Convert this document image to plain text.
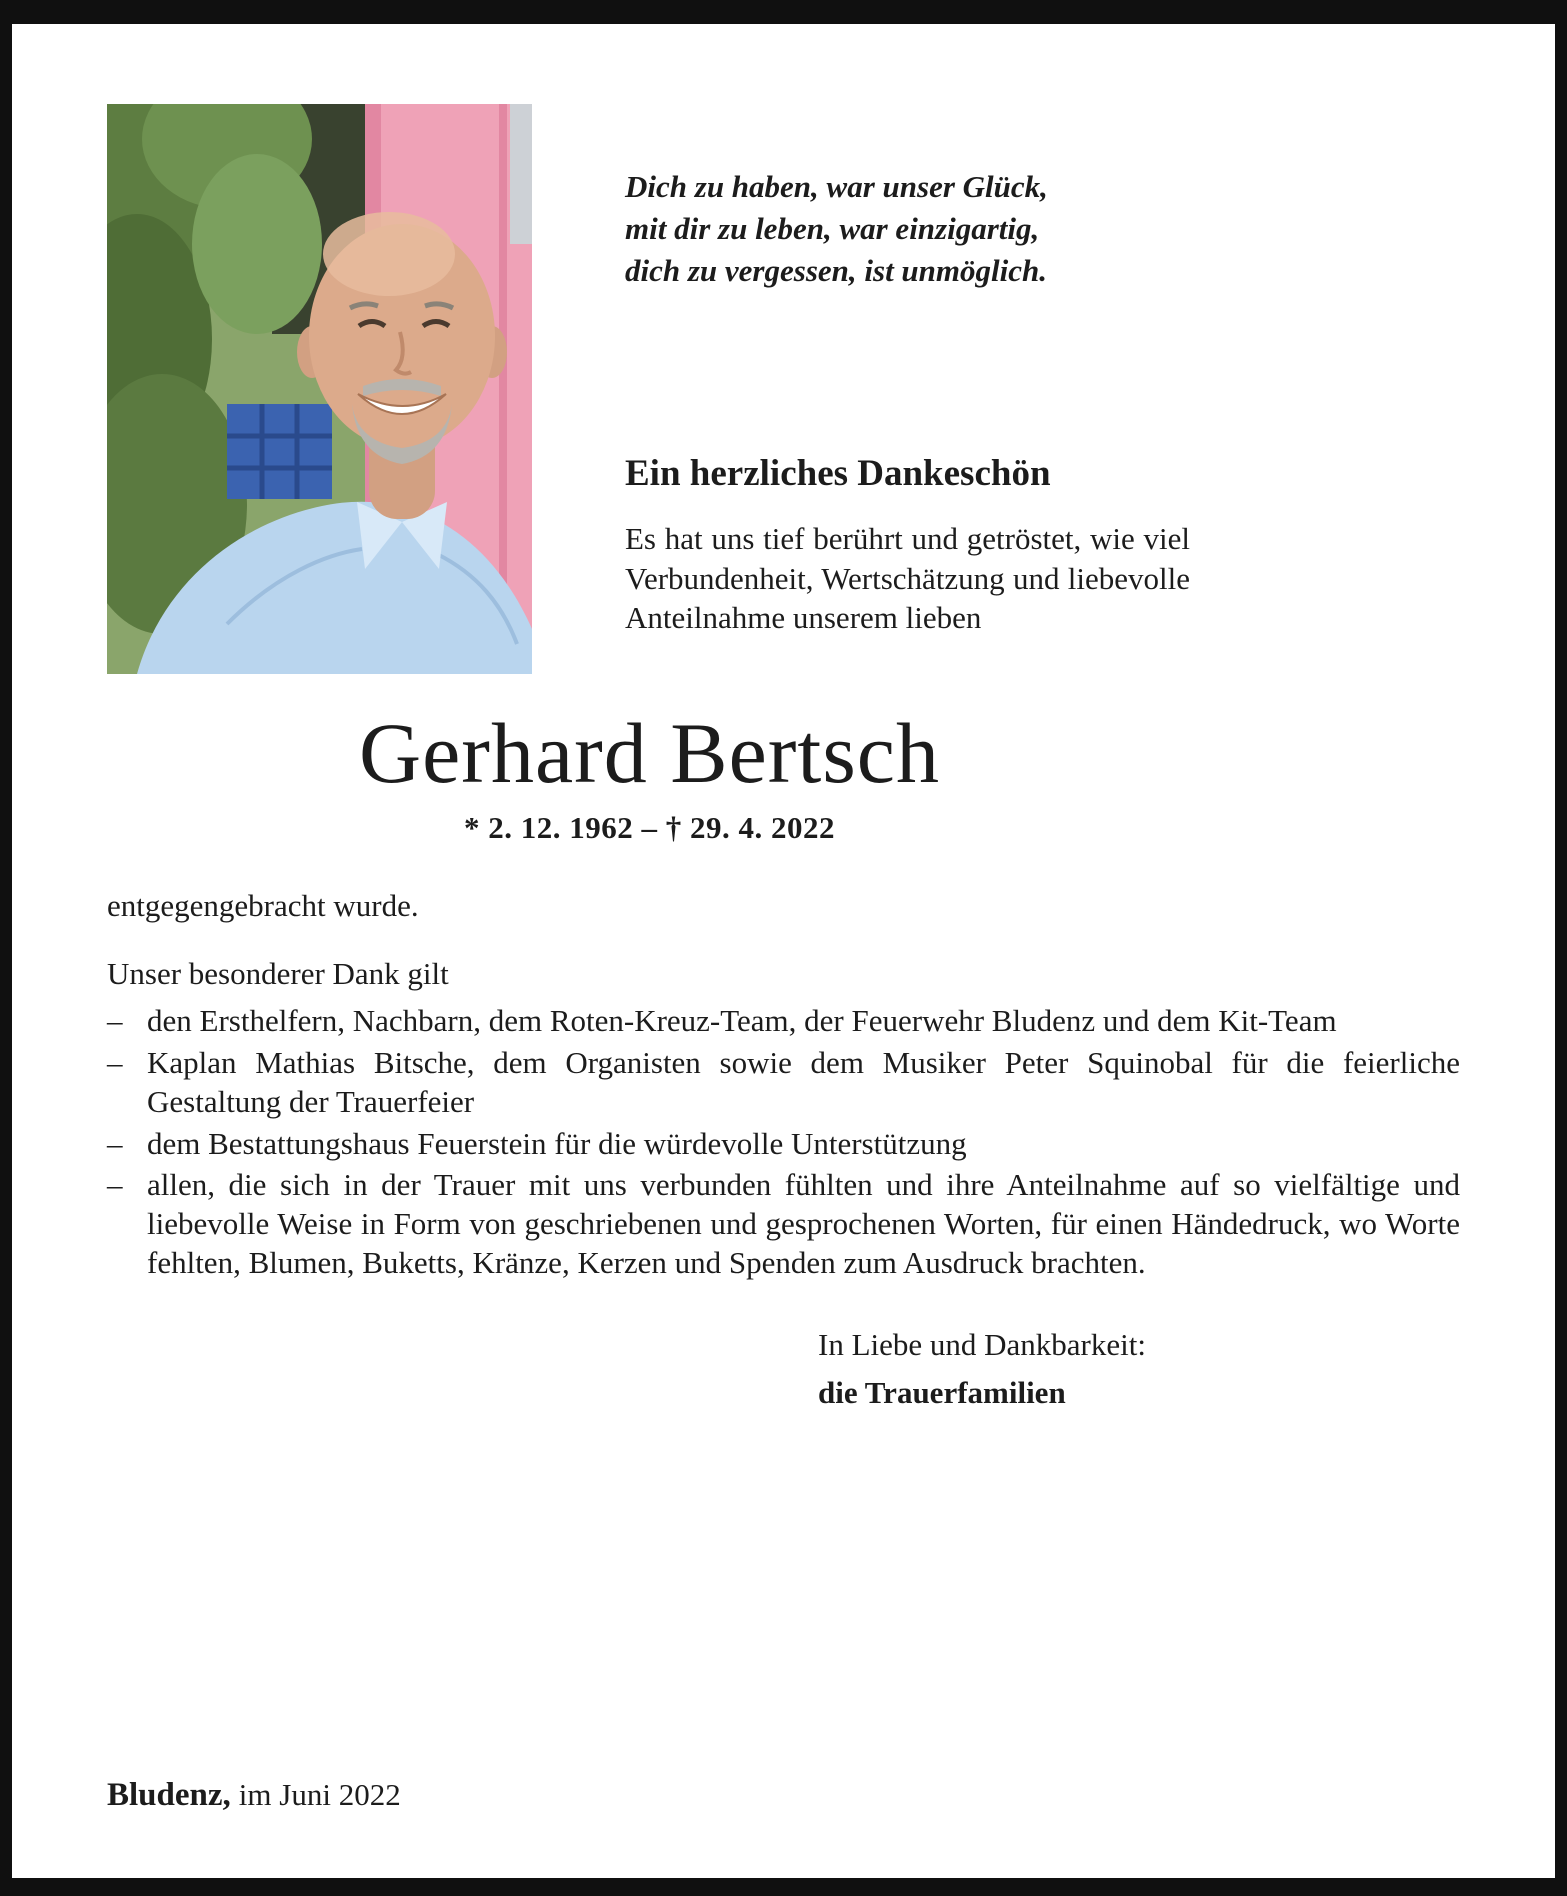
Dich zu haben, war unser Glück,
mit dir zu leben, war einzigartig,
dich zu vergessen, ist unmöglich.
Ein herzliches Dankeschön
Es hat uns tief berührt und getröstet, wie viel Verbundenheit, Wertschätzung und liebevolle Anteilnahme unserem lieben
Gerhard Bertsch
* 2. 12. 1962 – † 29. 4. 2022
entgegengebracht wurde.
Unser besonderer Dank gilt
– den Ersthelfern, Nachbarn, dem Roten-Kreuz-Team, der Feuerwehr Bludenz und dem Kit-Team
– Kaplan Mathias Bitsche, dem Organisten sowie dem Musiker Peter Squinobal für die feierliche Gestaltung der Trauerfeier
– dem Bestattungshaus Feuerstein für die würdevolle Unterstützung
– allen, die sich in der Trauer mit uns verbunden fühlten und ihre Anteilnahme auf so vielfältige und liebevolle Weise in Form von geschriebenen und gesprochenen Worten, für einen Händedruck, wo Worte fehlten, Blumen, Buketts, Kränze, Kerzen und Spenden zum Ausdruck brachten.
In Liebe und Dankbarkeit:
die Trauerfamilien
Bludenz, im Juni 2022
